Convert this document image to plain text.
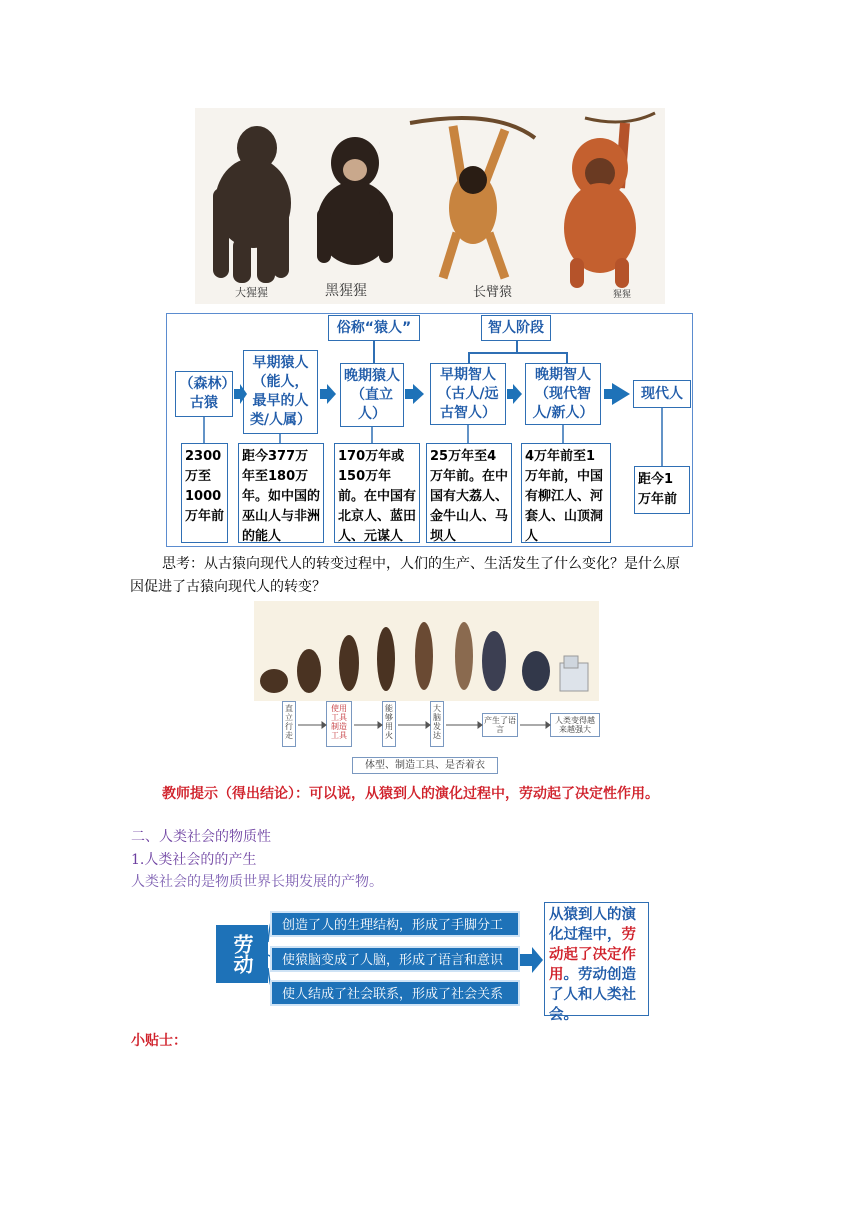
大猩猩	黑猩猩	长臂猿	猩猩
俗称“猿人”	智人阶段
（森林）古猿
早期猿人（能人，最早的人类/人属）
晚期猿人（直立人）
早期智人（古人/远古智人）
晚期智人（现代智人/新人）
现代人
2300万至1000万年前
距今377万年至180万年。如中国的巫山人与非洲的能人
170万年或150万年前。在中国有北京人、蓝田人、元谋人
25万年至4万年前。在中国有大荔人、金牛山人、马坝人
4万年前至1万年前，中国有柳江人、河套人、山顶洞人
距今1万年前
思考：从古猿向现代人的转变过程中，人们的生产、生活发生了什么变化？是什么原
因促进了古猿向现代人的转变？
直立行走
使用工具制造工具
能够用火
大脑发达
产生了语言
人类变得越来越强大
体型、制造工具、是否着衣
教师提示（得出结论）：可以说，从猿到人的演化过程中，劳动起了决定性作用。
二、人类社会的物质性
1.人类社会的的产生
人类社会的是物质世界长期发展的产物。
劳动
创造了人的生理结构，形成了手脚分工
使猿脑变成了人脑，形成了语言和意识
使人结成了社会联系，形成了社会关系
从猿到人的演化过程中，劳动起了决定作用。劳动创造了人和人类社会。
小贴士：
